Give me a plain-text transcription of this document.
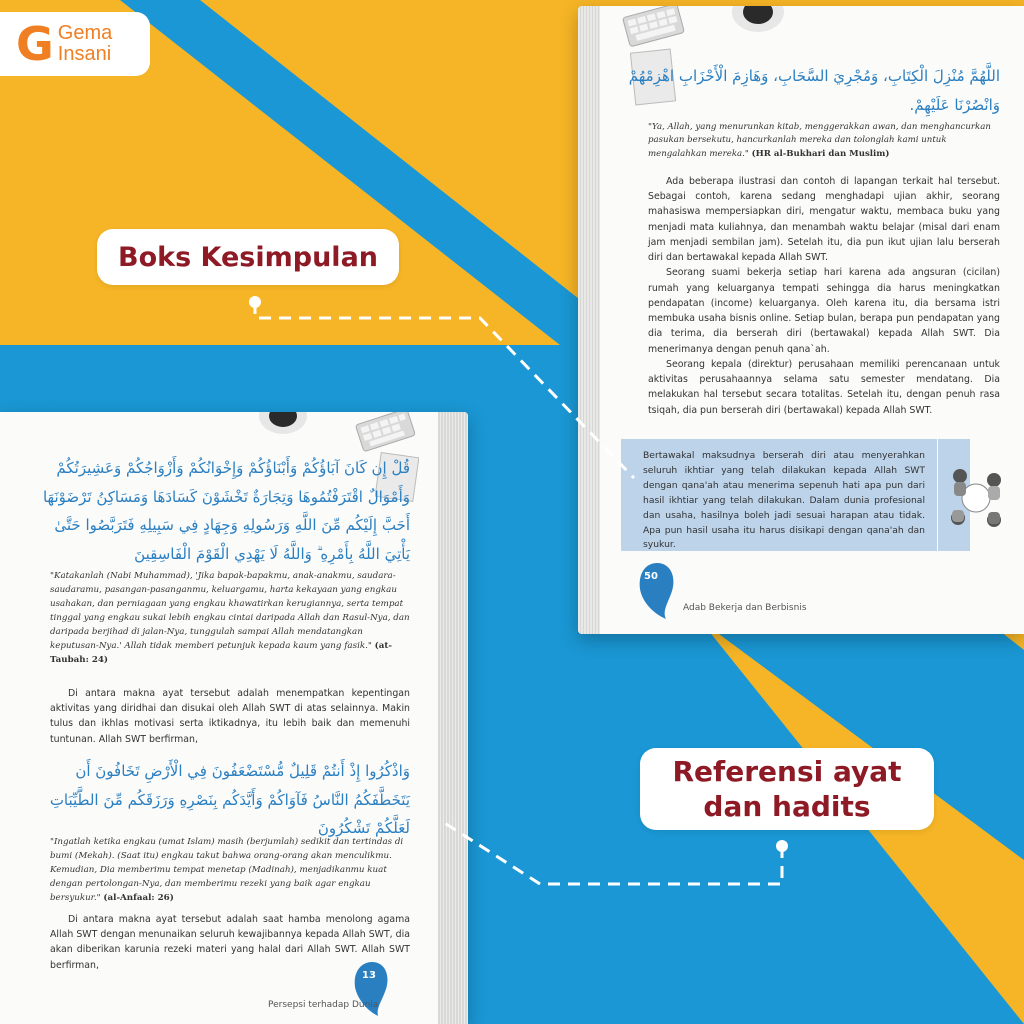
G Gema
Insani
اللَّهُمَّ مُنْزِلَ الْكِتَابِ، وَمُجْرِيَ السَّحَابِ، وَهَازِمَ الْأَحْزَابِ اهْزِمْهُمْ وَانْصُرْنَا عَلَيْهِمْ.
"Ya, Allah, yang menurunkan kitab, menggerakkan awan, dan menghancurkan pasukan bersekutu, hancurkanlah mereka dan tolonglah kami untuk mengalahkan mereka." (HR al-Bukhari dan Muslim)

Ada beberapa ilustrasi dan contoh di lapangan terkait hal tersebut. Sebagai contoh, karena sedang menghadapi ujian akhir, seorang mahasiswa mempersiapkan diri, mengatur waktu, membaca buku yang menjadi mata kuliahnya, dan menambah waktu belajar (misal dari enam jam menjadi sembilan jam). Setelah itu, dia pun ikut ujian lalu berserah diri dan bertawakal kepada Allah SWT.

Seorang suami bekerja setiap hari karena ada angsuran (cicilan) rumah yang keluarganya tempati sehingga dia harus meningkatkan pendapatan (income) keluarganya. Oleh karena itu, dia bersama istri membuka usaha bisnis online. Setiap bulan, berapa pun pendapatan yang dia terima, dia berserah diri (bertawakal) kepada Allah SWT. Dia menerimanya dengan penuh qana`ah.

Seorang kepala (direktur) perusahaan memiliki perencanaan untuk aktivitas perusahaannya selama satu semester mendatang. Dia melakukan hal tersebut secara totalitas. Setelah itu, dengan penuh rasa tsiqah, dia pun berserah diri (bertawakal) kepada Allah SWT.

Bertawakal maksudnya berserah diri atau menyerahkan seluruh ikhtiar yang telah dilakukan kepada Allah SWT dengan qana'ah atau menerima sepenuh hati apa pun dari hasil ikhtiar yang telah dilakukan. Dalam dunia profesional dan usaha, hasilnya boleh jadi sesuai harapan atau tidak. Apa pun hasil usaha itu harus disikapi dengan qana'ah dan syukur.
50
Adab Bekerja dan Berbisnis
قُلْ إِن كَانَ آبَاؤُكُمْ وَأَبْنَاؤُكُمْ وَإِخْوَانُكُمْ وَأَزْوَاجُكُمْ وَعَشِيرَتُكُمْ وَأَمْوَالٌ اقْتَرَفْتُمُوهَا وَتِجَارَةٌ تَخْشَوْنَ كَسَادَهَا وَمَسَاكِنُ تَرْضَوْنَهَا أَحَبَّ إِلَيْكُم مِّنَ اللَّهِ وَرَسُولِهِ وَجِهَادٍ فِي سَبِيلِهِ فَتَرَبَّصُوا حَتَّىٰ يَأْتِيَ اللَّهُ بِأَمْرِهِ ۗ وَاللَّهُ لَا يَهْدِي الْقَوْمَ الْفَاسِقِينَ
"Katakanlah (Nabi Muhammad), 'Jika bapak-bapakmu, anak-anakmu, saudara-saudaramu, pasangan-pasanganmu, keluargamu, harta kekayaan yang engkau usahakan, dan perniagaan yang engkau khawatirkan kerugiannya, serta tempat tinggal yang engkau sukai lebih engkau cintai daripada Allah dan Rasul-Nya, dan daripada berjihad di jalan-Nya, tunggulah sampai Allah mendatangkan keputusan-Nya.' Allah tidak memberi petunjuk kepada kaum yang fasik." (at-Taubah: 24)

Di antara makna ayat tersebut adalah menempatkan kepentingan aktivitas yang diridhai dan disukai oleh Allah SWT di atas selainnya. Makin tulus dan ikhlas motivasi serta iktikadnya, itu lebih baik dan memenuhi tuntunan. Allah SWT berfirman,

وَاذْكُرُوا إِذْ أَنتُمْ قَلِيلٌ مُّسْتَضْعَفُونَ فِي الْأَرْضِ تَخَافُونَ أَن يَتَخَطَّفَكُمُ النَّاسُ فَآوَاكُمْ وَأَيَّدَكُم بِنَصْرِهِ وَرَزَقَكُم مِّنَ الطَّيِّبَاتِ لَعَلَّكُمْ تَشْكُرُونَ
"Ingatlah ketika engkau (umat Islam) masih (berjumlah) sedikit dan tertindas di bumi (Mekah). (Saat itu) engkau takut bahwa orang-orang akan menculikmu. Kemudian, Dia memberimu tempat menetap (Madinah), menjadikanmu kuat dengan pertolongan-Nya, dan memberimu rezeki yang baik agar engkau bersyukur." (al-Anfaal: 26)

Di antara makna ayat tersebut adalah saat hamba menolong agama Allah SWT dengan menunaikan seluruh kewajibannya kepada Allah SWT, dia akan diberikan karunia rezeki materi yang halal dari Allah SWT. Allah SWT berfirman,

13
Persepsi terhadap Dunia
Boks Kesimpulan
Referensi ayat
dan hadits
